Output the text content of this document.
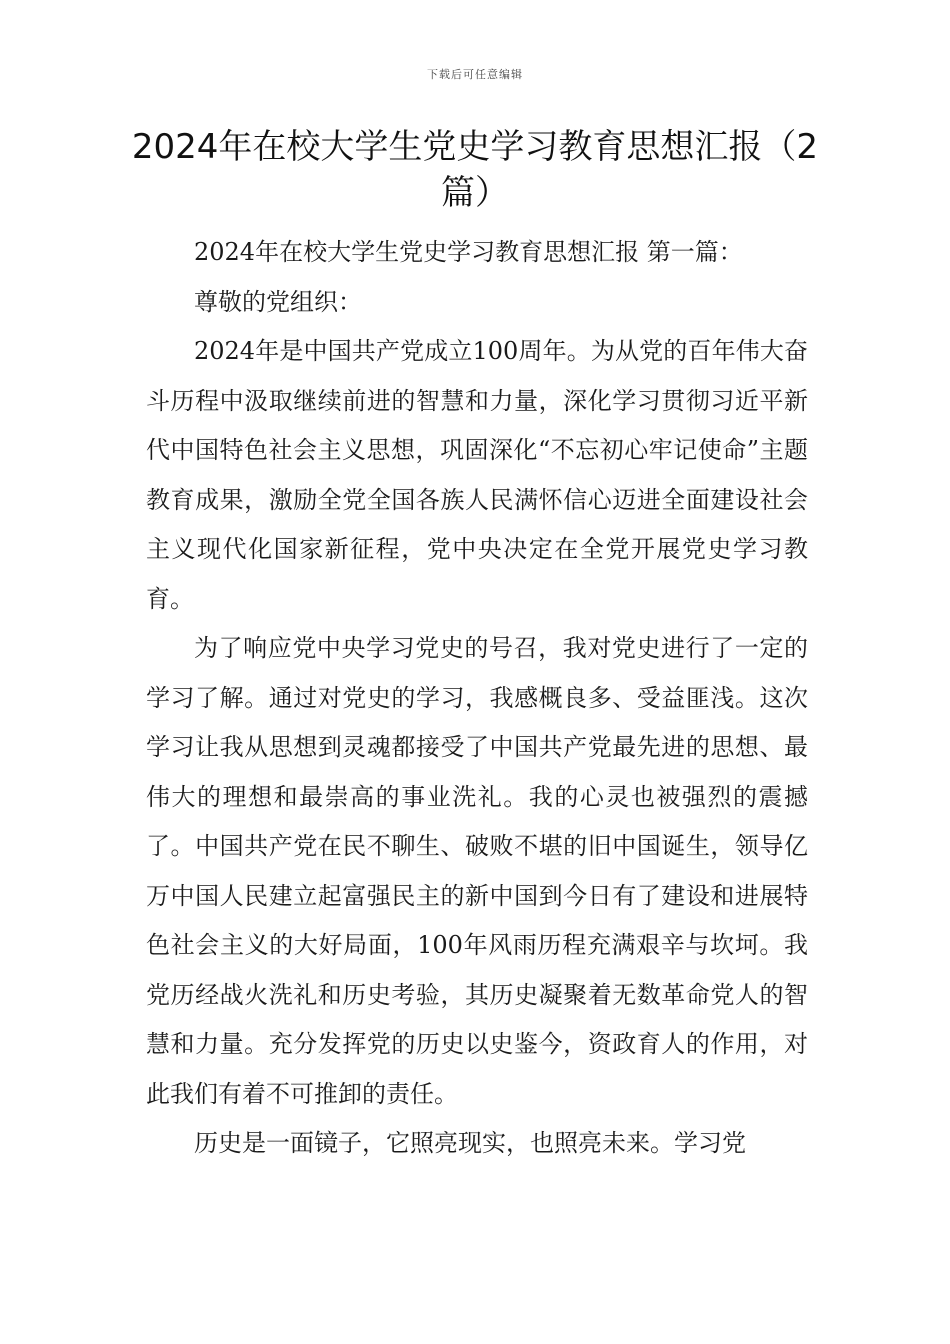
下载后可任意编辑
2024年在校大学生党史学习教育思想汇报（2篇）

2024年在校大学生党史学习教育思想汇报 第一篇：

尊敬的党组织：

2024年是中国共产党成立100周年。为从党的百年伟大奋斗历程中汲取继续前进的智慧和力量，深化学习贯彻习近平新代中国特色社会主义思想，巩固深化“不忘初心牢记使命”主题教育成果，激励全党全国各族人民满怀信心迈进全面建设社会主义现代化国家新征程，党中央决定在全党开展党史学习教育。

为了响应党中央学习党史的号召，我对党史进行了一定的学习了解。通过对党史的学习，我感概良多、受益匪浅。这次学习让我从思想到灵魂都接受了中国共产党最先进的思想、最伟大的理想和最崇高的事业洗礼。我的心灵也被强烈的震撼了。中国共产党在民不聊生、破败不堪的旧中国诞生，领导亿万中国人民建立起富强民主的新中国到今日有了建设和进展特色社会主义的大好局面，100年风雨历程充满艰辛与坎坷。我党历经战火洗礼和历史考验，其历史凝聚着无数革命党人的智慧和力量。充分发挥党的历史以史鉴今，资政育人的作用，对此我们有着不可推卸的责任。

历史是一面镜子，它照亮现实，也照亮未来。学习党
